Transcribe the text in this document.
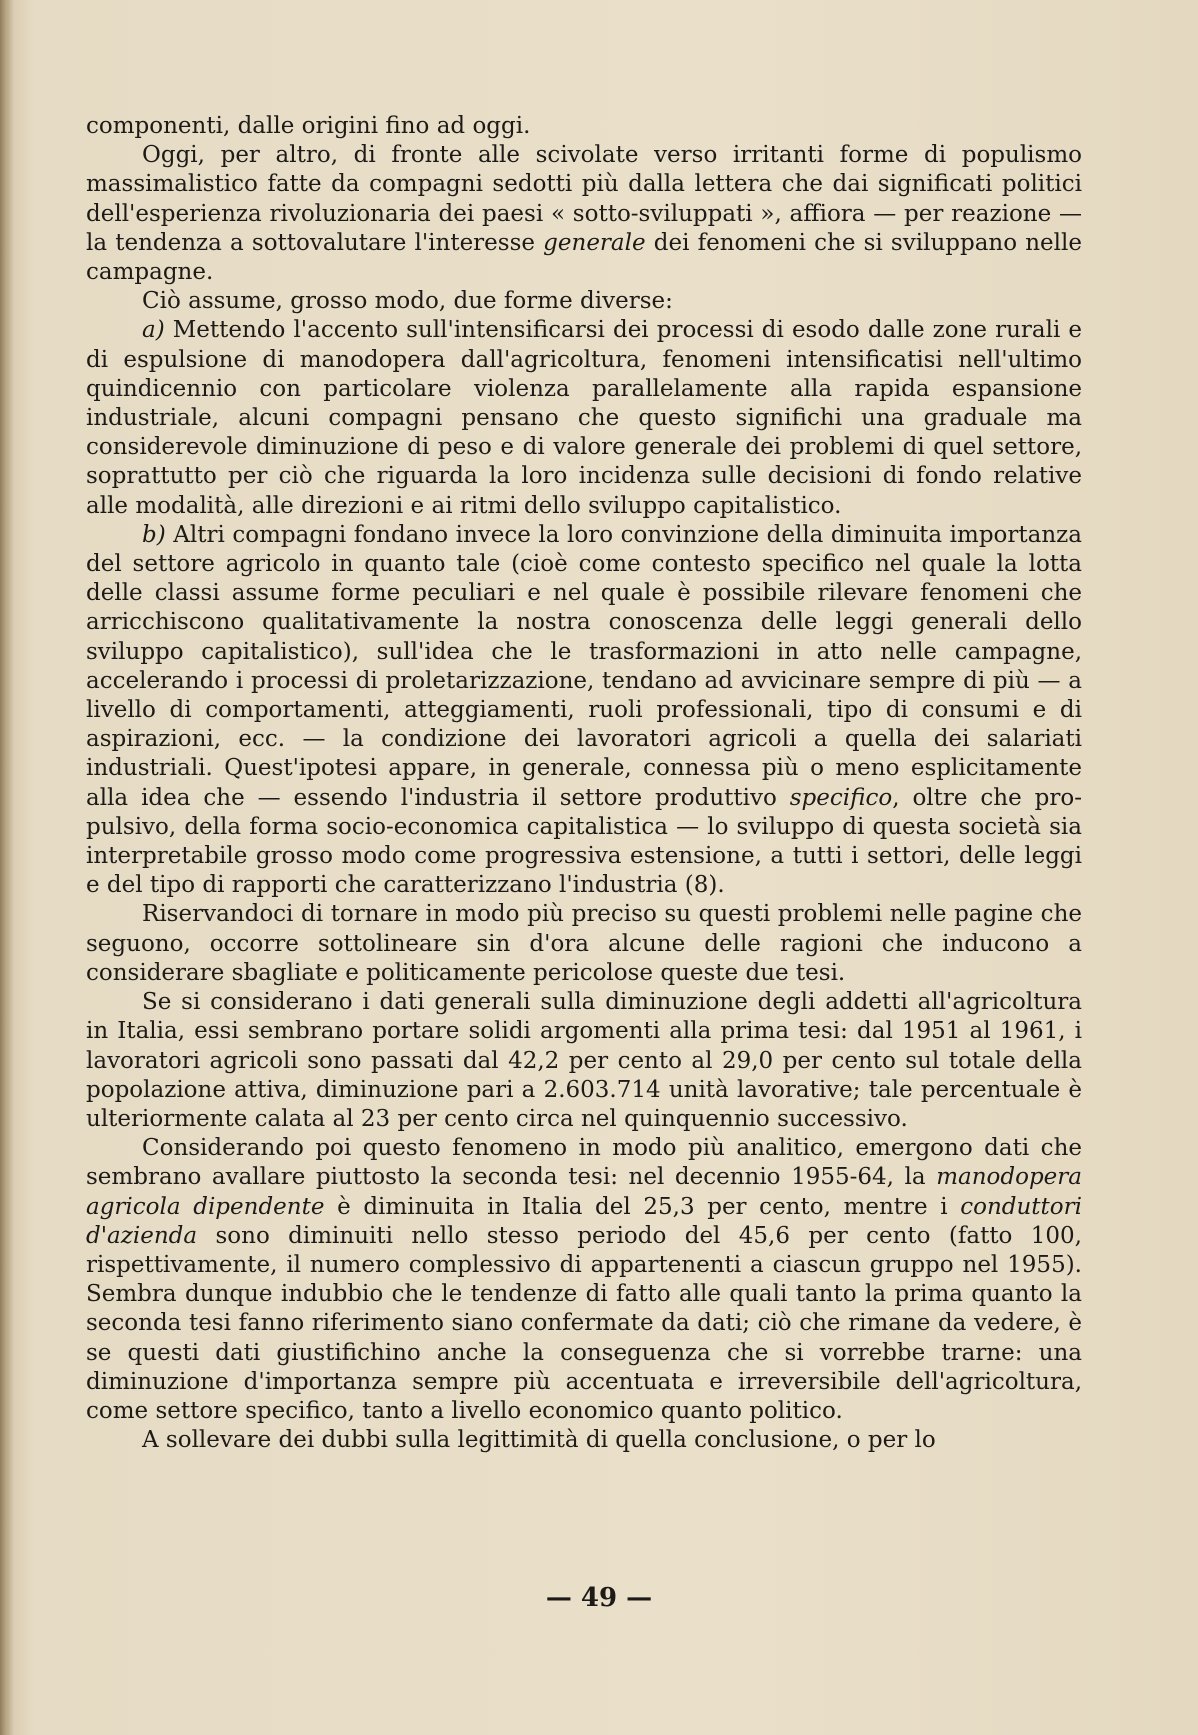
componenti, dalle origini fino ad oggi.

Oggi, per altro, di fronte alle scivolate verso irritanti forme di populismo massimalistico fatte da compagni sedotti più dalla lettera che dai significati politici dell'esperienza rivoluzionaria dei paesi « sotto-sviluppati », affiora — per reazione — la tendenza a sottovalutare l'interesse generale dei fenomeni che si sviluppano nelle campagne.

Ciò assume, grosso modo, due forme diverse:

a) Mettendo l'accento sull'intensificarsi dei processi di esodo dalle zone rurali e di espulsione di manodopera dall'agricoltura, fenomeni intensificatisi nell'ultimo quindicennio con particolare violenza parallelamente alla rapida espansione industriale, alcuni compagni pensano che questo significhi una graduale ma considerevole diminuzione di peso e di valore generale dei problemi di quel settore, soprattutto per ciò che riguarda la loro incidenza sulle decisioni di fondo relative alle modalità, alle direzioni e ai ritmi dello sviluppo capitalistico.

b) Altri compagni fondano invece la loro convinzione della diminuita importanza del settore agricolo in quanto tale (cioè come contesto specifico nel quale la lotta delle classi assume forme peculiari e nel quale è possibile rilevare fenomeni che arricchiscono qualitativamente la nostra conoscenza delle leggi generali dello sviluppo capitalistico), sull'idea che le trasformazioni in atto nelle campagne, accelerando i processi di proletarizzazione, tendano ad avvicinare sempre di più — a livello di comportamenti, atteggiamenti, ruoli professionali, tipo di consumi e di aspirazioni, ecc. — la condizione dei lavoratori agricoli a quella dei salariati industriali. Quest'ipotesi appare, in generale, connessa più o meno esplicitamente alla idea che — essendo l'industria il settore produttivo specifico, oltre che propulsivo, della forma socio-economica capitalistica — lo sviluppo di questa società sia interpretabile grosso modo come progressiva estensione, a tutti i settori, delle leggi e del tipo di rapporti che caratterizzano l'industria (8).

Riservandoci di tornare in modo più preciso su questi problemi nelle pagine che seguono, occorre sottolineare sin d'ora alcune delle ragioni che inducono a considerare sbagliate e politicamente pericolose queste due tesi.

Se si considerano i dati generali sulla diminuzione degli addetti all'agricoltura in Italia, essi sembrano portare solidi argomenti alla prima tesi: dal 1951 al 1961, i lavoratori agricoli sono passati dal 42,2 per cento al 29,0 per cento sul totale della popolazione attiva, diminuzione pari a 2.603.714 unità lavorative; tale percentuale è ulteriormente calata al 23 per cento circa nel quinquennio successivo.

Considerando poi questo fenomeno in modo più analitico, emergono dati che sembrano avallare piuttosto la seconda tesi: nel decennio 1955-64, la manodopera agricola dipendente è diminuita in Italia del 25,3 per cento, mentre i conduttori d'azienda sono diminuiti nello stesso periodo del 45,6 per cento (fatto 100, rispettivamente, il numero complessivo di appartenenti a ciascun gruppo nel 1955). Sembra dunque indubbio che le tendenze di fatto alle quali tanto la prima quanto la seconda tesi fanno riferimento siano confermate da dati; ciò che rimane da vedere, è se questi dati giustifichino anche la conseguenza che si vorrebbe trarne: una diminuzione d'importanza sempre più accentuata e irreversibile dell'agricoltura, come settore specifico, tanto a livello economico quanto politico.

A sollevare dei dubbi sulla legittimità di quella conclusione, o per lo

— 49 —
